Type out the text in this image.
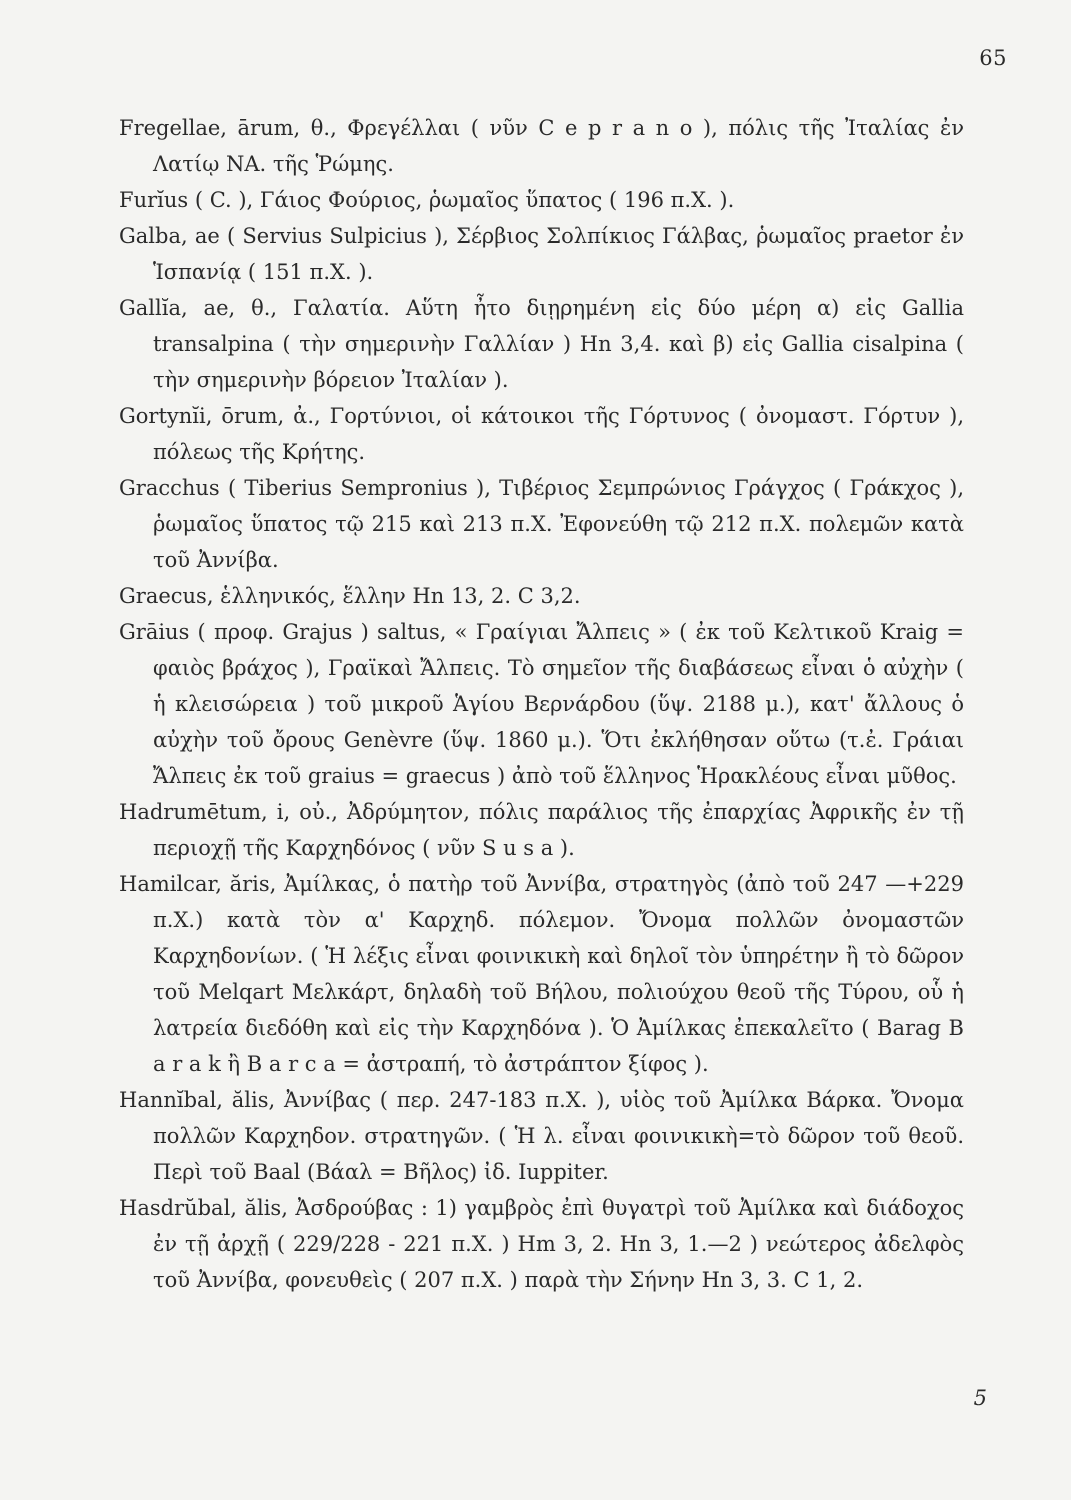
65

Fregellae, ārum, θ., Φρεγέλλαι ( νῦν C e p r a n o ), πόλις τῆς Ἰταλίας ἐν Λατίῳ ΝΑ. τῆς Ῥώμης.

Furĭus ( C. ), Γάιος Φούριος, ῥωμαῖος ὕπατος ( 196 π.Χ. ).

Galba, ae ( Servius Sulpicius ), Σέρβιος Σολπίκιος Γάλβας, ῥωμαῖος praetor ἐν Ἱσπανίᾳ ( 151 π.Χ. ).

Gallĭa, ae, θ., Γαλατία. Αὕτη ἦτο διῃρημένη εἰς δύο μέρη α) εἰς Gallia transalpina ( τὴν σημερινὴν Γαλλίαν ) Hn 3,4. καὶ β) εἰς Gallia cisalpina ( τὴν σημερινὴν βόρειον Ἰταλίαν ).

Gortynĭi, ōrum, ἀ., Γορτύνιοι, οἱ κάτοικοι τῆς Γόρτυνος ( ὀνομαστ. Γόρτυν ), πόλεως τῆς Κρήτης.

Gracchus ( Tiberius Sempronius ), Τιβέριος Σεμπρώνιος Γράγχος ( Γράκχος ), ῥωμαῖος ὕπατος τῷ 215 καὶ 213 π.Χ. Ἐφονεύθη τῷ 212 π.Χ. πολεμῶν κατὰ τοῦ Ἀννίβα.

Graecus, ἑλληνικός, ἕλλην Hn 13, 2. C 3,2.

Grāius ( προφ. Grajus ) saltus, « Γραίγιαι Ἄλπεις » ( ἐκ τοῦ Κελτικοῦ Kraig = φαιὸς βράχος ), Γραϊκαὶ Ἄλπεις. Τὸ σημεῖον τῆς διαβάσεως εἶναι ὁ αὐχὴν ( ἡ κλεισώρεια ) τοῦ μικροῦ Ἁγίου Βερνάρδου (ὕψ. 2188 μ.), κατ' ἄλλους ὁ αὐχὴν τοῦ ὄρους Genèvre (ὕψ. 1860 μ.). Ὅτι ἐκλήθησαν οὕτω (τ.ἐ. Γράιαι Ἄλπεις ἐκ τοῦ graius = graecus ) ἀπὸ τοῦ ἕλληνος Ἡρακλέους εἶναι μῦθος.

Hadrumētum, i, οὐ., Ἀδρύμητον, πόλις παράλιος τῆς ἐπαρχίας Ἀφρικῆς ἐν τῇ περιοχῇ τῆς Καρχηδόνος ( νῦν S u s a ).

Hamilcar, ăris, Ἀμίλκας, ὁ πατὴρ τοῦ Ἀννίβα, στρατηγὸς (ἀπὸ τοῦ 247 —+229 π.Χ.) κατὰ τὸν α' Καρχηδ. πόλεμον. Ὄνομα πολλῶν ὀνομαστῶν Καρχηδονίων. ( Ἡ λέξις εἶναι φοινικικὴ καὶ δηλοῖ τὸν ὑπηρέτην ἢ τὸ δῶρον τοῦ Melqart Μελκάρτ, δηλαδὴ τοῦ Βήλου, πολιούχου θεοῦ τῆς Τύρου, οὗ ἡ λατρεία διεδόθη καὶ εἰς τὴν Καρχηδόνα ). Ὁ Ἀμίλκας ἐπεκαλεῖτο ( Barag B a r a k ἢ B a r c a = ἀστραπή, τὸ ἀστράπτον ξίφος ).

Hannĭbal, ălis, Ἀννίβας ( περ. 247-183 π.Χ. ), υἱὸς τοῦ Ἀμίλκα Βάρκα. Ὄνομα πολλῶν Καρχηδον. στρατηγῶν. ( Ἡ λ. εἶναι φοινικικὴ=τὸ δῶρον τοῦ θεοῦ. Περὶ τοῦ Baal (Βάαλ = Βῆλος) ἰδ. Iuppiter.

Hasdrŭbal, ălis, Ἀσδρούβας : 1) γαμβρὸς ἐπὶ θυγατρὶ τοῦ Ἀμίλκα καὶ διάδοχος ἐν τῇ ἀρχῇ ( 229/228 - 221 π.Χ. ) Hm 3, 2. Hn 3, 1.—2 ) νεώτερος ἀδελφὸς τοῦ Ἀννίβα, φονευθεὶς ( 207 π.Χ. ) παρὰ τὴν Σήνην Hn 3, 3. C 1, 2.

5
